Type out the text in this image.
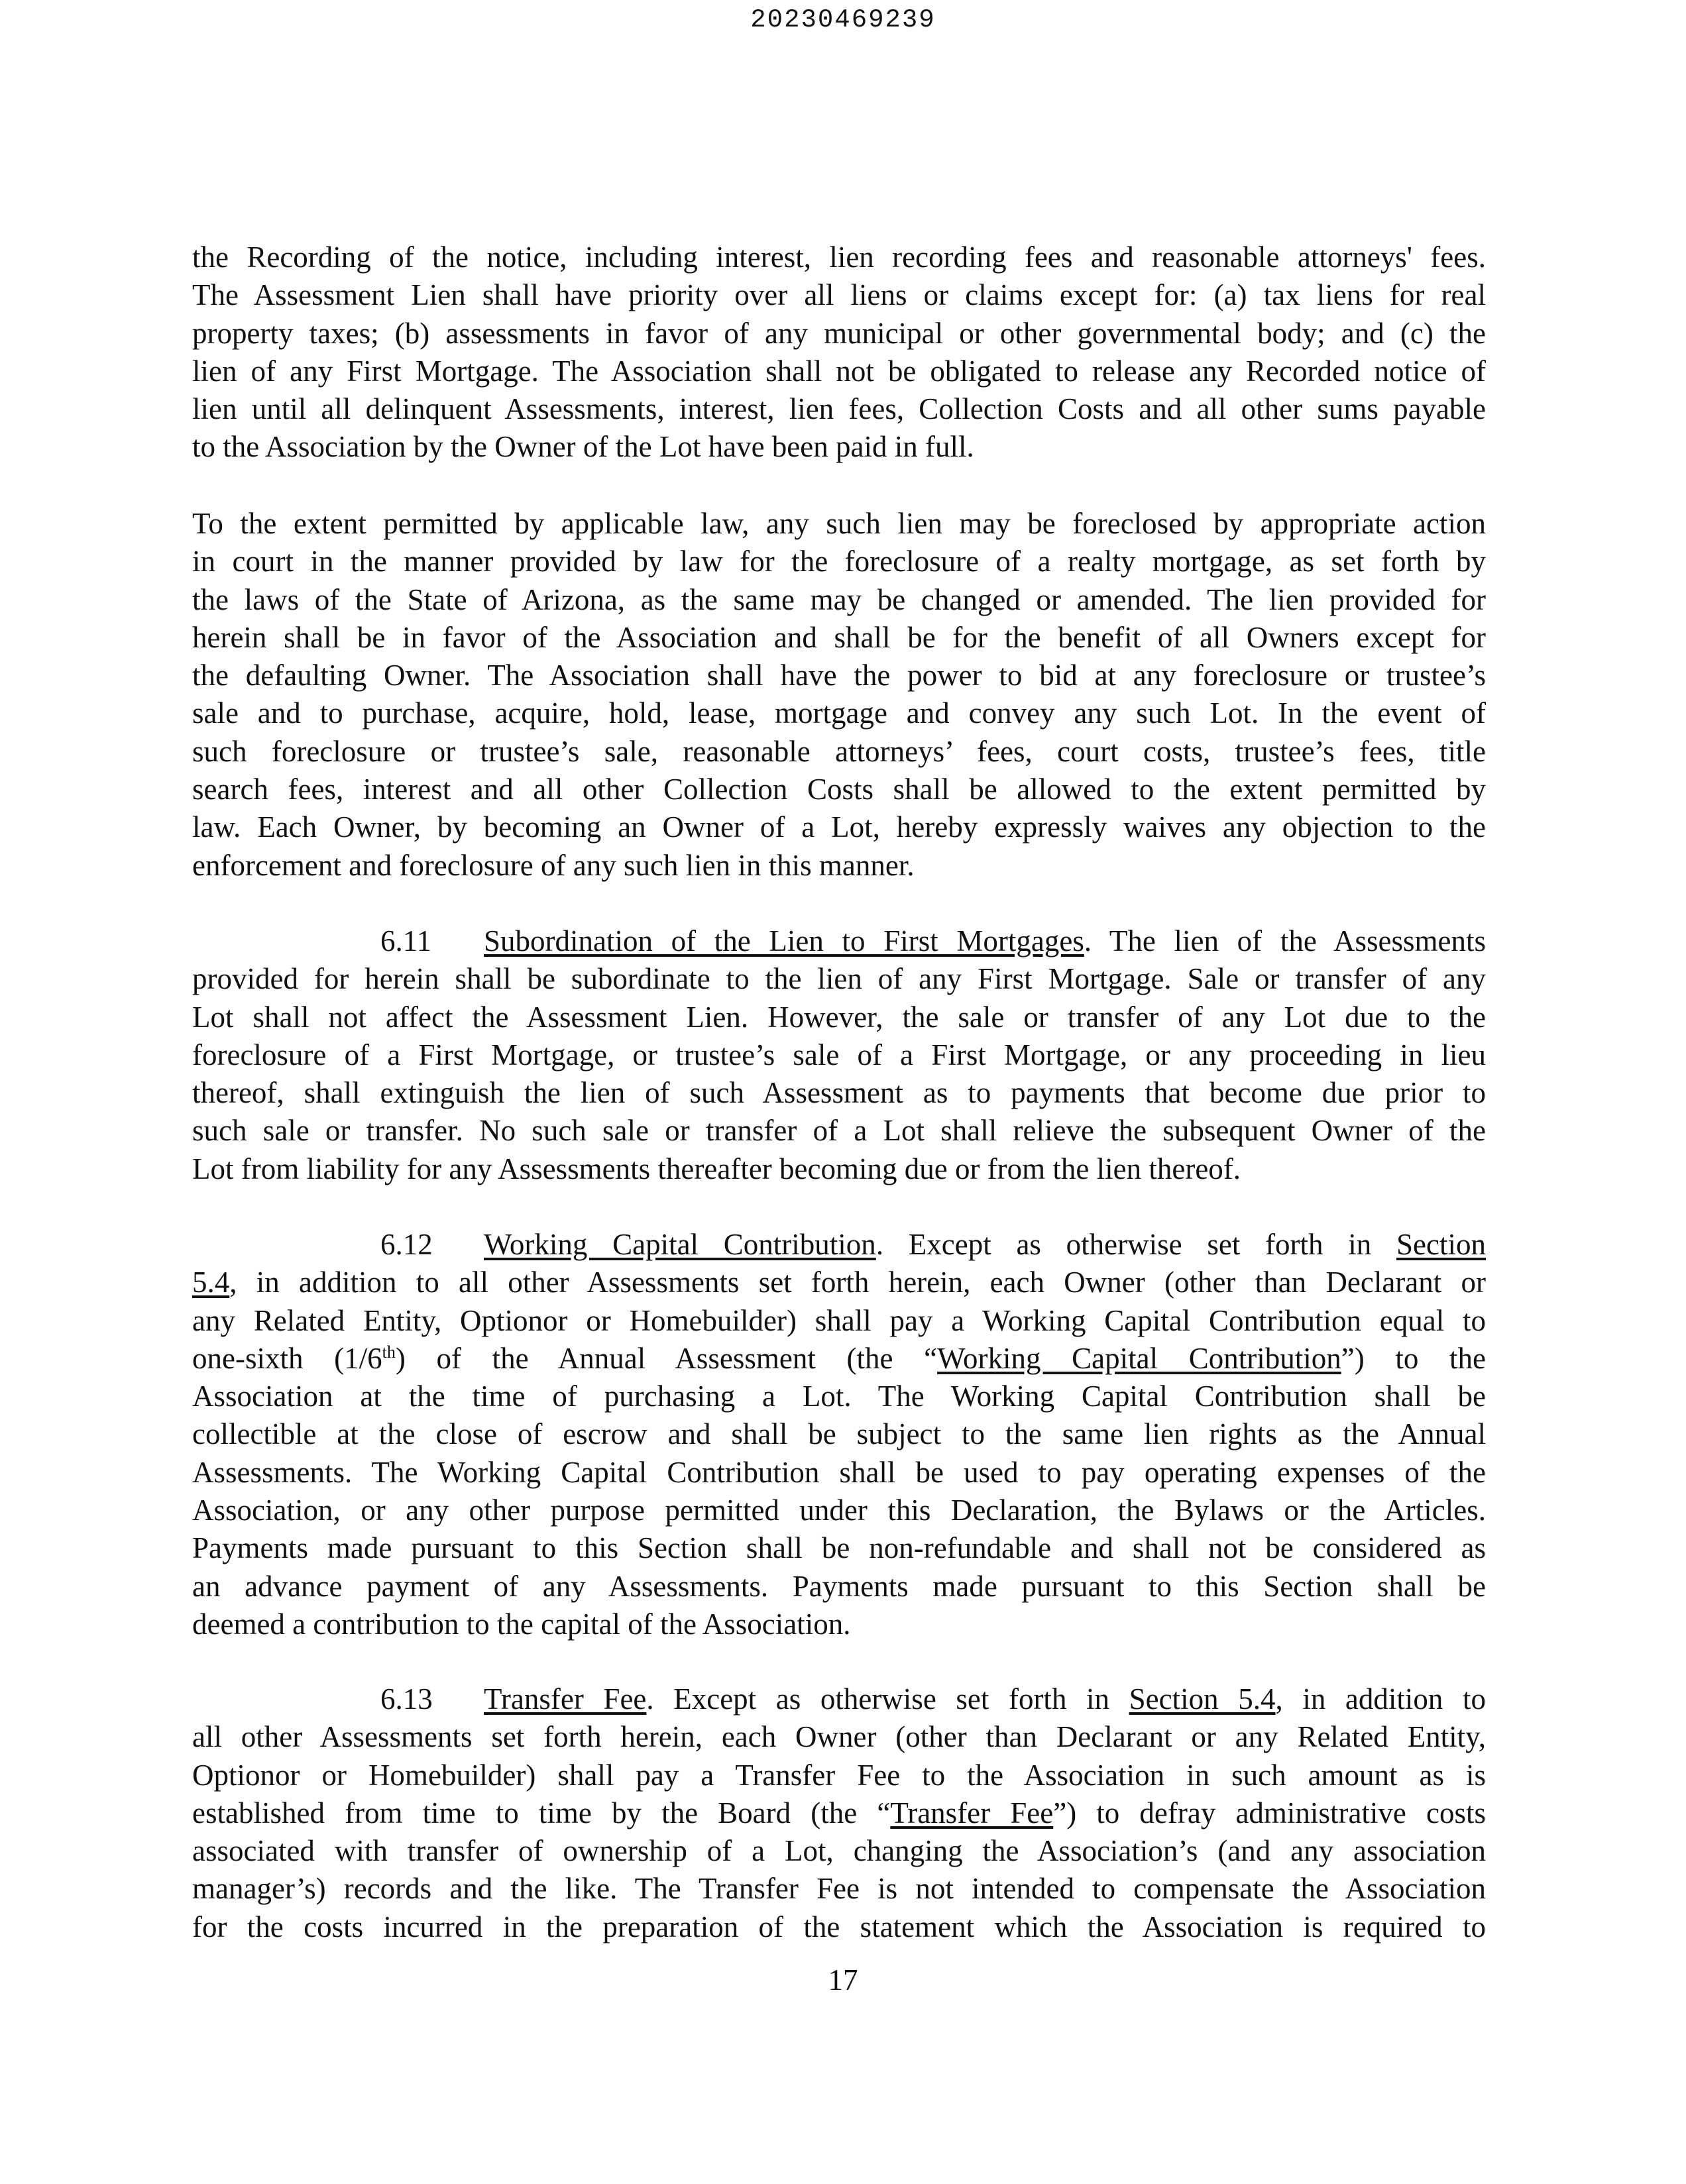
20230469239
the Recording of the notice, including interest, lien recording fees and reasonable attorneys' fees.
The Assessment Lien shall have priority over all liens or claims except for: (a) tax liens for real
property taxes; (b) assessments in favor of any municipal or other governmental body; and (c) the
lien of any First Mortgage. The Association shall not be obligated to release any Recorded notice of
lien until all delinquent Assessments, interest, lien fees, Collection Costs and all other sums payable
to the Association by the Owner of the Lot have been paid in full.
To the extent permitted by applicable law, any such lien may be foreclosed by appropriate action
in court in the manner provided by law for the foreclosure of a realty mortgage, as set forth by
the laws of the State of Arizona, as the same may be changed or amended. The lien provided for
herein shall be in favor of the Association and shall be for the benefit of all Owners except for
the defaulting Owner. The Association shall have the power to bid at any foreclosure or trustee’s
sale and to purchase, acquire, hold, lease, mortgage and convey any such Lot. In the event of
such foreclosure or trustee’s sale, reasonable attorneys’ fees, court costs, trustee’s fees, title
search fees, interest and all other Collection Costs shall be allowed to the extent permitted by
law. Each Owner, by becoming an Owner of a Lot, hereby expressly waives any objection to the
enforcement and foreclosure of any such lien in this manner.
6.11 Subordination of the Lien to First Mortgages. The lien of the Assessments
provided for herein shall be subordinate to the lien of any First Mortgage. Sale or transfer of any
Lot shall not affect the Assessment Lien. However, the sale or transfer of any Lot due to the
foreclosure of a First Mortgage, or trustee’s sale of a First Mortgage, or any proceeding in lieu
thereof, shall extinguish the lien of such Assessment as to payments that become due prior to
such sale or transfer. No such sale or transfer of a Lot shall relieve the subsequent Owner of the
Lot from liability for any Assessments thereafter becoming due or from the lien thereof.
6.12 Working Capital Contribution. Except as otherwise set forth in Section
5.4, in addition to all other Assessments set forth herein, each Owner (other than Declarant or
any Related Entity, Optionor or Homebuilder) shall pay a Working Capital Contribution equal to
one-sixth (1/6th) of the Annual Assessment (the “Working Capital Contribution”) to the
Association at the time of purchasing a Lot. The Working Capital Contribution shall be
collectible at the close of escrow and shall be subject to the same lien rights as the Annual
Assessments. The Working Capital Contribution shall be used to pay operating expenses of the
Association, or any other purpose permitted under this Declaration, the Bylaws or the Articles.
Payments made pursuant to this Section shall be non-refundable and shall not be considered as
an advance payment of any Assessments. Payments made pursuant to this Section shall be
deemed a contribution to the capital of the Association.
6.13 Transfer Fee. Except as otherwise set forth in Section 5.4, in addition to
all other Assessments set forth herein, each Owner (other than Declarant or any Related Entity,
Optionor or Homebuilder) shall pay a Transfer Fee to the Association in such amount as is
established from time to time by the Board (the “Transfer Fee”) to defray administrative costs
associated with transfer of ownership of a Lot, changing the Association’s (and any association
manager’s) records and the like. The Transfer Fee is not intended to compensate the Association
for the costs incurred in the preparation of the statement which the Association is required to
17
